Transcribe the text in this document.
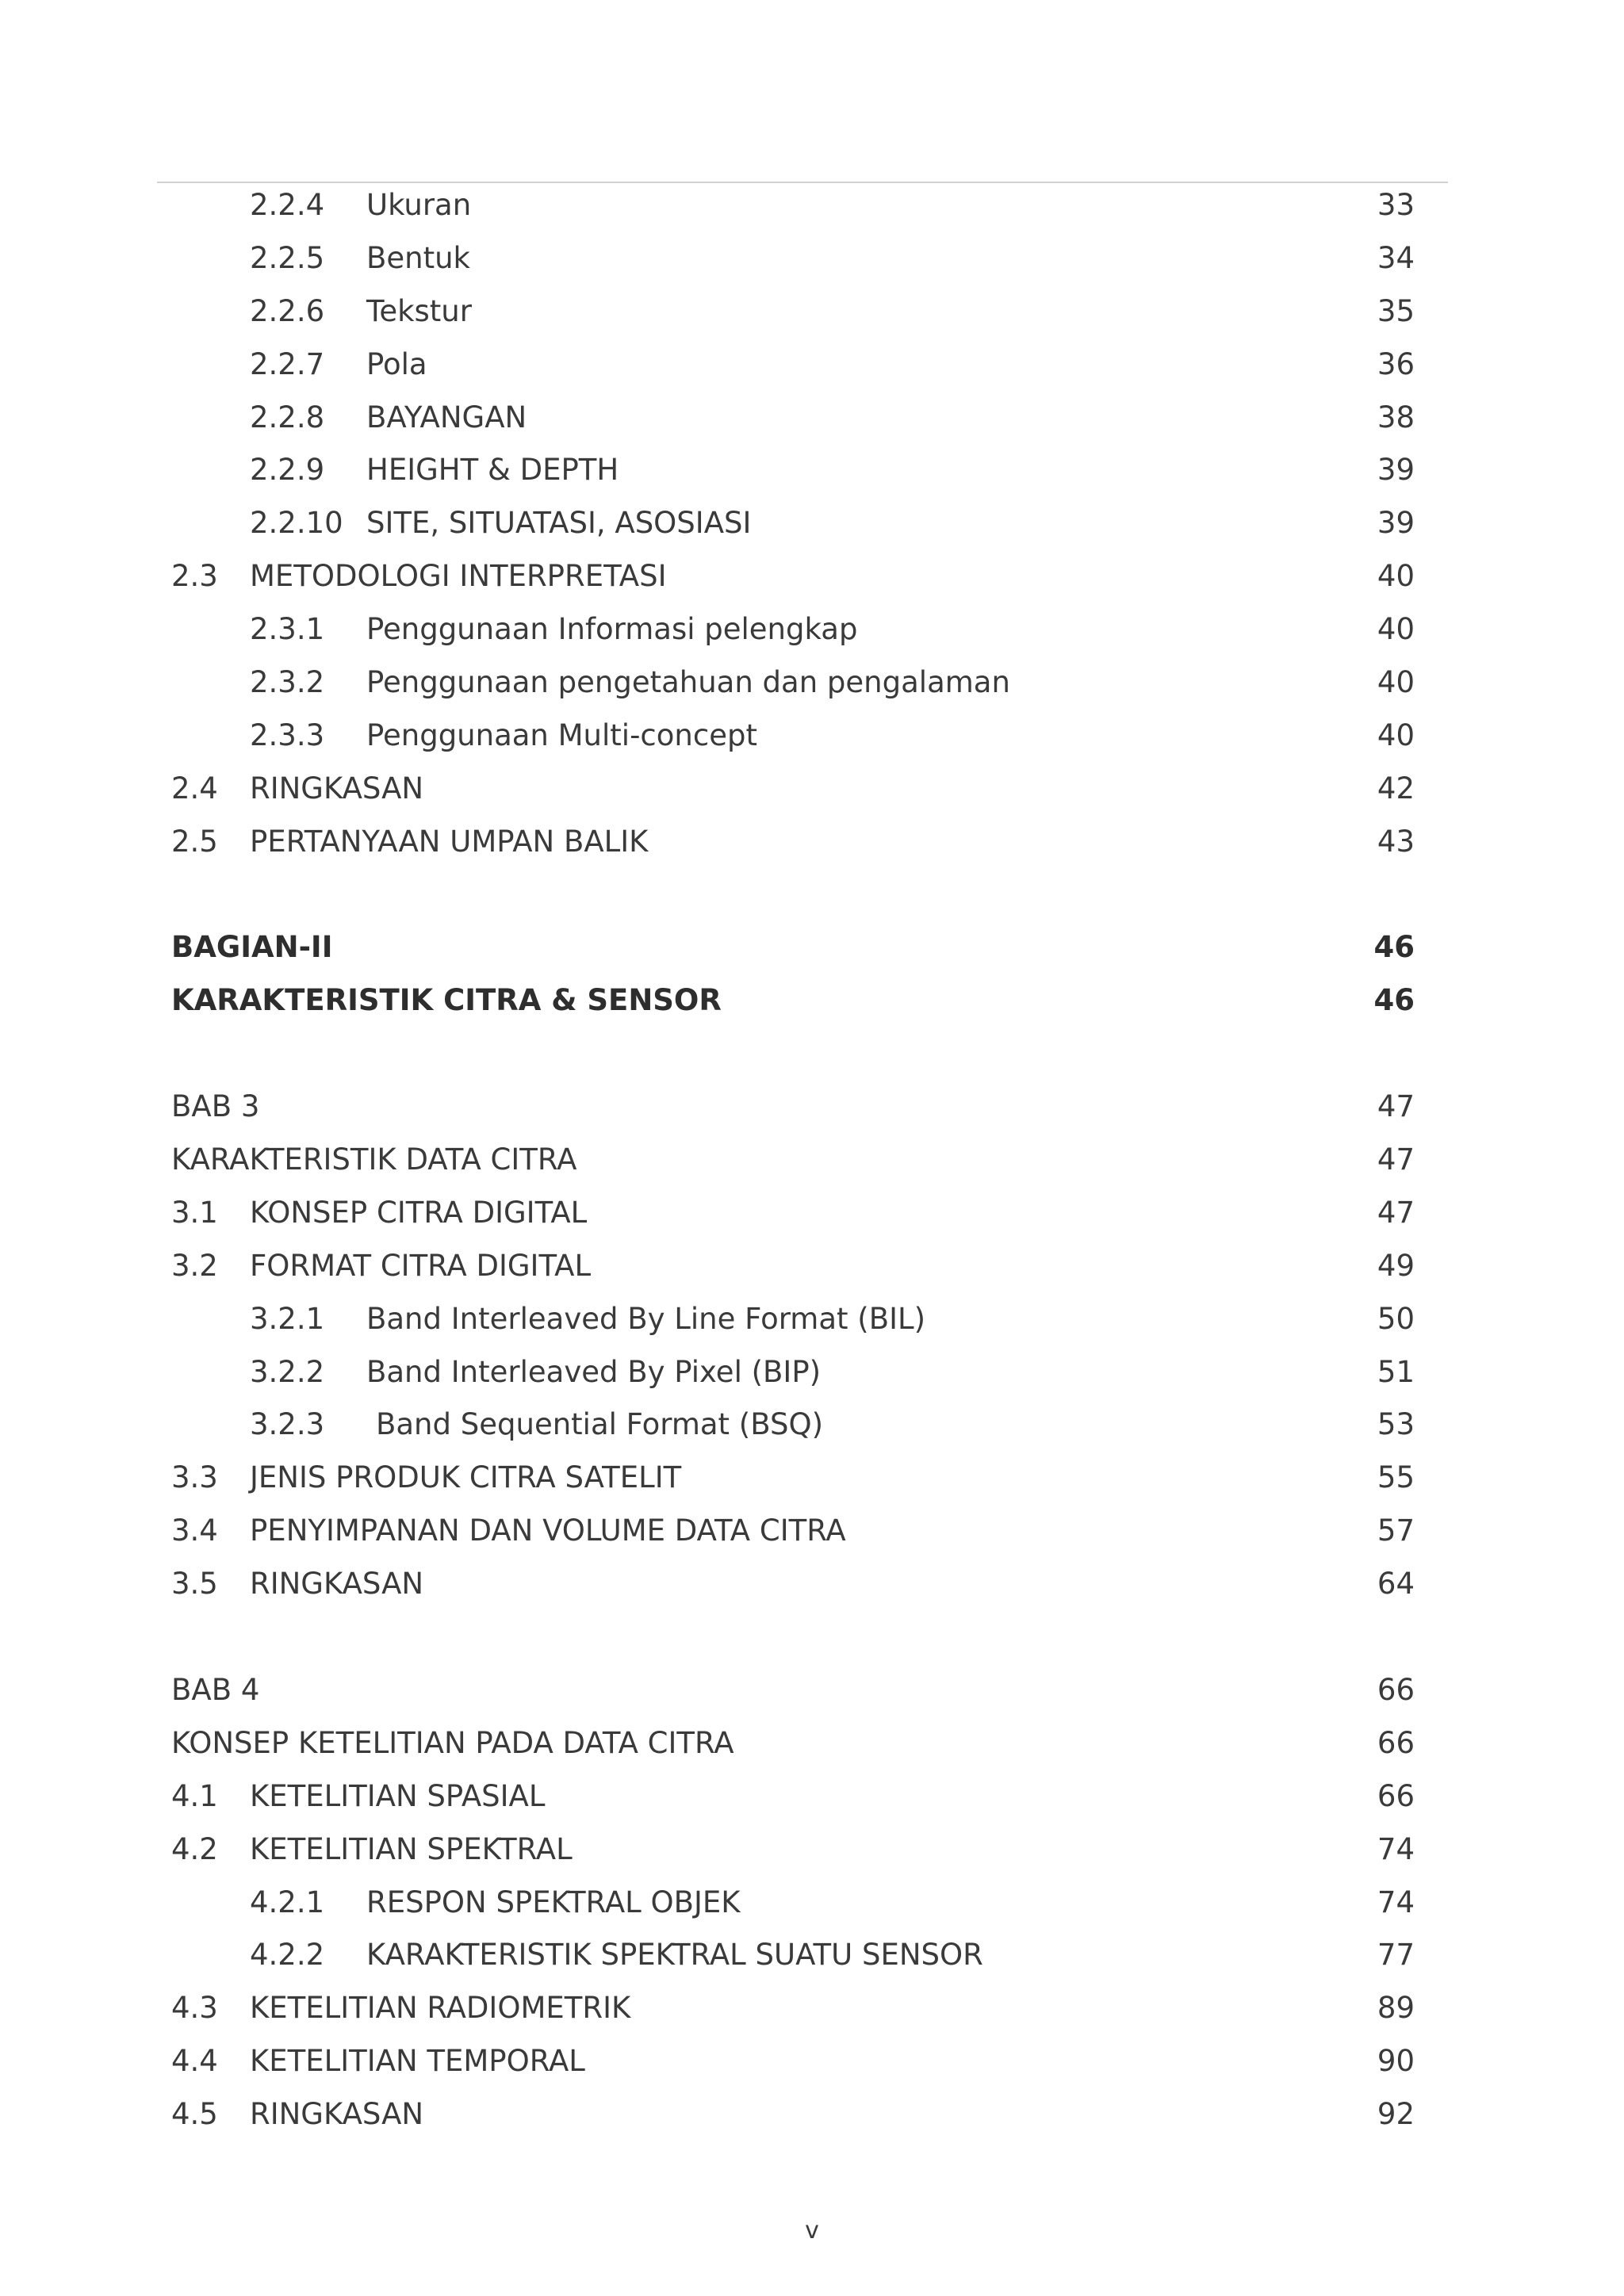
2.2.4 Ukuran	33
2.2.5 Bentuk	34
2.2.6 Tekstur	35
2.2.7 Pola	36
2.2.8 BAYANGAN	38
2.2.9 HEIGHT & DEPTH	39
2.2.10 SITE, SITUATASI, ASOSIASI	39
2.3 METODOLOGI INTERPRETASI	40
2.3.1 Penggunaan Informasi pelengkap	40
2.3.2 Penggunaan pengetahuan dan pengalaman	40
2.3.3 Penggunaan Multi-concept	40
2.4 RINGKASAN	42
2.5 PERTANYAAN UMPAN BALIK	43
BAGIAN-II	46
KARAKTERISTIK CITRA & SENSOR	46
BAB 3	47
KARAKTERISTIK DATA CITRA	47
3.1 KONSEP CITRA DIGITAL	47
3.2 FORMAT CITRA DIGITAL	49
3.2.1 Band Interleaved By Line Format (BIL)	50
3.2.2 Band Interleaved By Pixel (BIP)	51
3.2.3 Band Sequential Format (BSQ)	53
3.3 JENIS PRODUK CITRA SATELIT	55
3.4 PENYIMPANAN DAN VOLUME DATA CITRA	57
3.5 RINGKASAN	64
BAB 4	66
KONSEP KETELITIAN PADA DATA CITRA	66
4.1 KETELITIAN SPASIAL	66
4.2 KETELITIAN SPEKTRAL	74
4.2.1 RESPON SPEKTRAL OBJEK	74
4.2.2 KARAKTERISTIK SPEKTRAL SUATU SENSOR	77
4.3 KETELITIAN RADIOMETRIK	89
4.4 KETELITIAN TEMPORAL	90
4.5 RINGKASAN	92
v
